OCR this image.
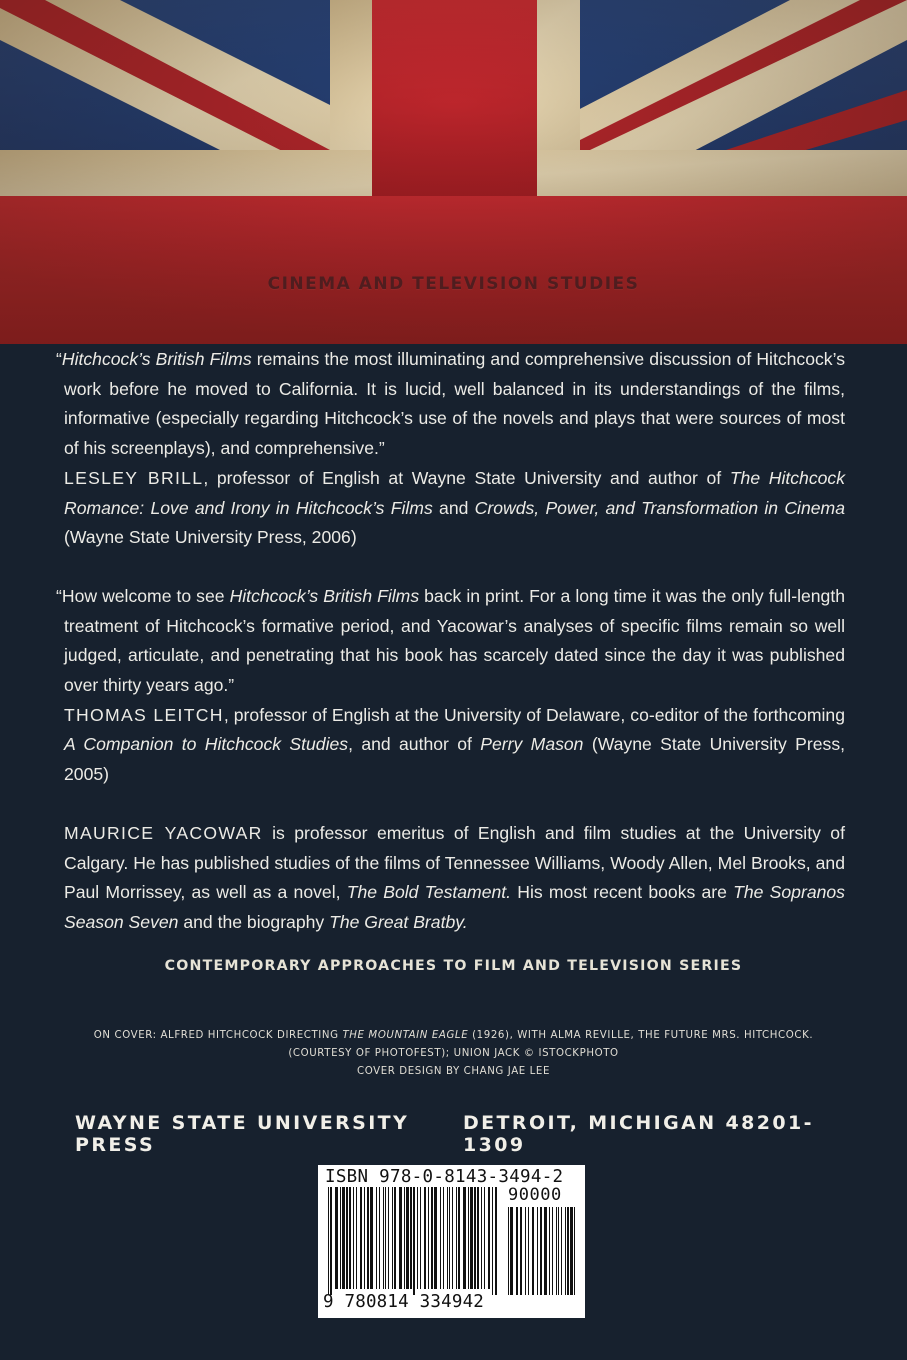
CINEMA AND TELEVISION STUDIES

“Hitchcock’s British Films remains the most illuminating and comprehensive discussion of Hitchcock’s work before he moved to California. It is lucid, well balanced in its understandings of the films, informative (especially regarding Hitchcock’s use of the novels and plays that were sources of most of his screenplays), and comprehensive.”

LESLEY BRILL, professor of English at Wayne State University and author of The Hitchcock Romance: Love and Irony in Hitchcock’s Films and Crowds, Power, and Transformation in Cinema (Wayne State University Press, 2006)

“How welcome to see Hitchcock’s British Films back in print. For a long time it was the only full-length treatment of Hitchcock’s formative period, and Yacowar’s analyses of specific films remain so well judged, articulate, and penetrating that his book has scarcely dated since the day it was published over thirty years ago.”

THOMAS LEITCH, professor of English at the University of Delaware, co-editor of the forthcoming A Companion to Hitchcock Studies, and author of Perry Mason (Wayne State University Press, 2005)

MAURICE YACOWAR is professor emeritus of English and film studies at the University of Calgary. He has published studies of the films of Tennessee Williams, Woody Allen, Mel Brooks, and Paul Morrissey, as well as a novel, The Bold Testament. His most recent books are The Sopranos Season Seven and the biography The Great Bratby.

CONTEMPORARY APPROACHES TO FILM AND TELEVISION SERIES
ON COVER: ALFRED HITCHCOCK DIRECTING THE MOUNTAIN EAGLE (1926), WITH ALMA REVILLE, THE FUTURE MRS. HITCHCOCK.
(COURTESY OF PHOTOFEST); UNION JACK © ISTOCKPHOTO
COVER DESIGN BY CHANG JAE LEE
WAYNE STATE UNIVERSITY PRESS
DETROIT, MICHIGAN 48201-1309
ISBN 978-0-8143-3494-2
90000
9 780814 334942
